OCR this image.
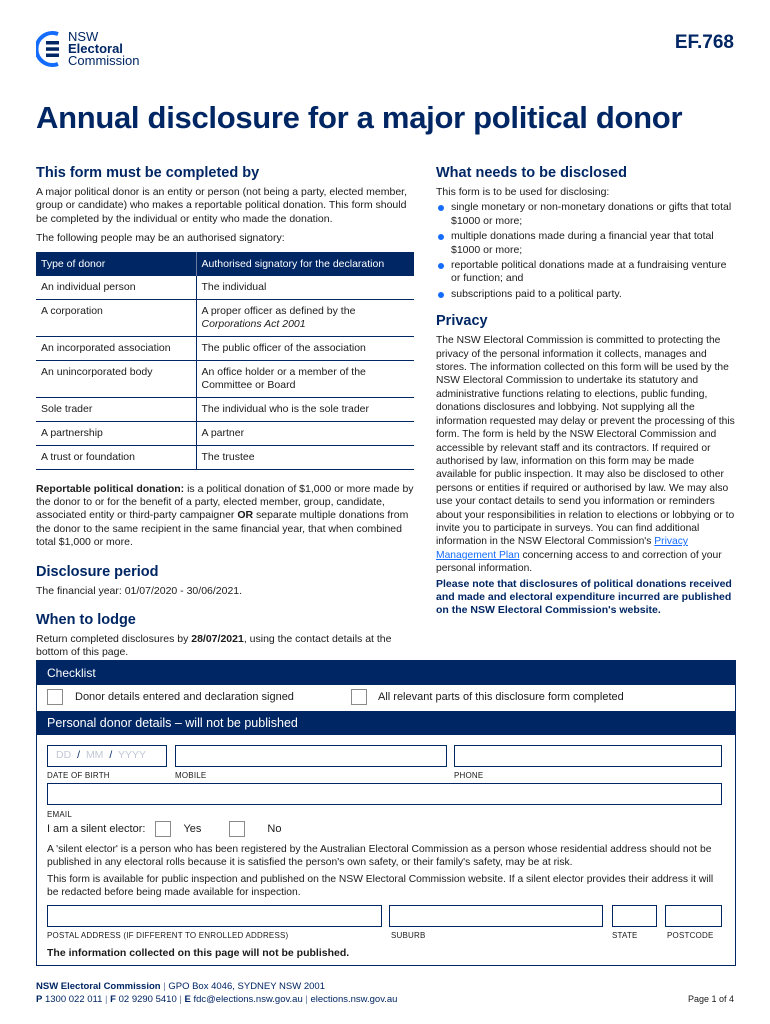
NSW
Electoral
Commission
EF.768
Annual disclosure for a major political donor
This form must be completed by

A major political donor is an entity or person (not being a party, elected member, group or candidate) who makes a reportable political donation. This form should be completed by the individual or entity who made the donation.

The following people may be an authorised signatory:

Type of donor	Authorised signatory for the declaration
An individual person	The individual
A corporation	A proper officer as defined by the
Corporations Act 2001
An incorporated association	The public officer of the association
An unincorporated body	An office holder or a member of the Committee or Board
Sole trader	The individual who is the sole trader
A partnership	A partner
A trust or foundation	The trustee

Reportable political donation: is a political donation of $1,000 or more made by the donor to or for the benefit of a party, elected member, group, candidate, associated entity or third-party campaigner OR separate multiple donations from the donor to the same recipient in the same financial year, that when combined total $1,000 or more.

Disclosure period

The financial year: 01/07/2020 - 30/06/2021.

When to lodge

Return completed disclosures by 28/07/2021, using the contact details at the bottom of this page.

What needs to be disclosed

This form is to be used for disclosing:

single monetary or non-monetary donations or gifts that total $1000 or more;
multiple donations made during a financial year that total $1000 or more;
reportable political donations made at a fundraising venture or function; and
subscriptions paid to a political party.
Privacy

The NSW Electoral Commission is committed to protecting the privacy of the personal information it collects, manages and stores. The information collected on this form will be used by the NSW Electoral Commission to undertake its statutory and administrative functions relating to elections, public funding, donations disclosures and lobbying. Not supplying all the information requested may delay or prevent the processing of this form. The form is held by the NSW Electoral Commission and accessible by relevant staff and its contractors. If required or authorised by law, information on this form may be made available for public inspection. It may also be disclosed to other persons or entities if required or authorised by law. We may also use your contact details to send you information or reminders about your responsibilities in relation to elections or lobbying or to invite you to participate in surveys. You can find additional information in the NSW Electoral Commission's Privacy Management Plan concerning access to and correction of your personal information.

Please note that disclosures of political donations received and made and electoral expenditure incurred are published on the NSW Electoral Commission's website.

Checklist
Donor details entered and declaration signed	All relevant parts of this disclosure form completed
Personal donor details – will not be published
DD / MM / YYYY
DATE OF BIRTH	MOBILE	PHONE
EMAIL
I am a silent elector:	Yes	No

A 'silent elector' is a person who has been registered by the Australian Electoral Commission as a person whose residential address should not be published in any electoral rolls because it is satisfied the person's own safety, or their family's safety, may be at risk.

This form is available for public inspection and published on the NSW Electoral Commission website. If a silent elector provides their address it will be redacted before being made available for inspection.

POSTAL ADDRESS (IF DIFFERENT TO ENROLLED ADDRESS)	SUBURB	STATE	POSTCODE
The information collected on this page will not be published.
NSW Electoral Commission | GPO Box 4046, SYDNEY NSW 2001
P 1300 022 011 | F 02 9290 5410 | E fdc@elections.nsw.gov.au | elections.nsw.gov.au	Page 1 of 4
